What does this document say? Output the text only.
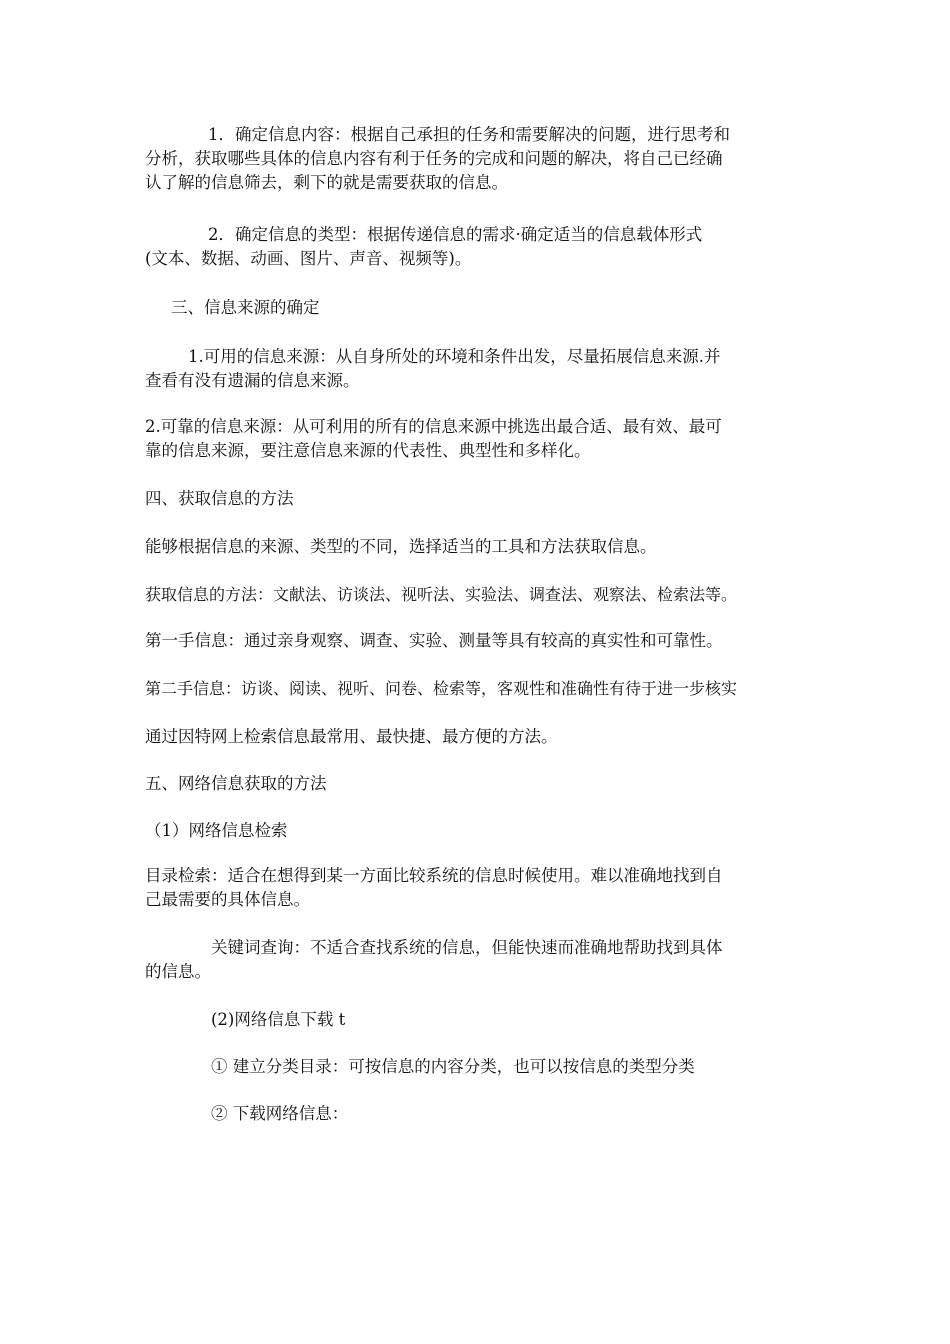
1．确定信息内容：根据自己承担的任务和需要解决的问题，进行思考和
分析，获取哪些具体的信息内容有利于任务的完成和问题的解决，将自己已经确
认了解的信息筛去，剩下的就是需要获取的信息。
2．确定信息的类型：根据传递信息的需求·确定适当的信息载体形式
(文本、数据、动画、图片、声音、视频等)。
三、信息来源的确定
1.可用的信息来源：从自身所处的环境和条件出发，尽量拓展信息来源.并
查看有没有遗漏的信息来源。
2.可靠的信息来源：从可利用的所有的信息来源中挑选出最合适、最有效、最可
靠的信息来源，要注意信息来源的代表性、典型性和多样化。
四、获取信息的方法
能够根据信息的来源、类型的不同，选择适当的工具和方法获取信息。
获取信息的方法：文献法、访谈法、视听法、实验法、调查法、观察法、检索法等。
第一手信息：通过亲身观察、调查、实验、测量等具有较高的真实性和可靠性。
第二手信息：访谈、阅读、视听、问卷、检索等，客观性和准确性有待于进一步核实
通过因特网上检索信息最常用、最快捷、最方便的方法。
五、网络信息获取的方法
（1）网络信息检索
目录检索：适合在想得到某一方面比较系统的信息时候使用。难以准确地找到自
己最需要的具体信息。
关键词查询：不适合查找系统的信息，但能快速而准确地帮助找到具体
的信息。
(2)网络信息下载 t
① 建立分类目录：可按信息的内容分类，也可以按信息的类型分类
② 下载网络信息：
